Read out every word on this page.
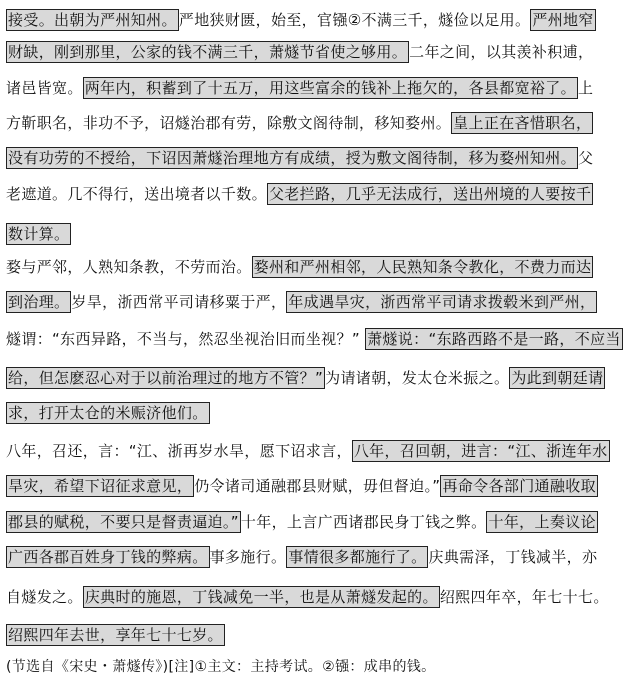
接受。出朝为严州知州。 严地狭财匮，始至，官镪②不满三千，燧俭以足用。 严州地窄
财缺，刚到那里，公家的钱不满三千，萧燧节省使之够用。 二年之间，以其羡补积逋，
诸邑皆宽。 两年内，积蓄到了十五万，用这些富余的钱补上拖欠的，各县都宽裕了。 上
方靳职名，非功不予，诏燧治郡有劳，除敷文阁待制，移知婺州。 皇上正在吝惜职名，
没有功劳的不授给，下诏因萧燧治理地方有成绩，授为敷文阁待制，移为婺州知州。 父
老遮道。几不得行，送出境者以千数。 父老拦路，几乎无法成行，送出州境的人要按千
数计算。
婺与严邻，人熟知条教，不劳而治。 婺州和严州相邻，人民熟知条令教化，不费力而达
到治理。 岁旱，浙西常平司请移粟于严， 年成遇旱灾，浙西常平司请求拨毂米到严州，
燧谓：“东西异路，不当与，然忍坐视治旧而坐视？” 萧燧说：“东路西路不是一路，不应当
给，但怎麽忍心对于以前治理过的地方不管？” 为请诸朝，发太仓米振之。 为此到朝廷请
求，打开太仓的米赈济他们。
八年，召还，言：“江、浙再岁水旱，愿下诏求言， 八年，召回朝，进言：“江、浙连年水
旱灾，希望下诏征求意见， 仍令诸司通融郡县财赋，毋但督迫。” 再命令各部门通融收取
郡县的赋税，不要只是督责逼迫。” 十年，上言广西诸郡民身丁钱之弊。 十年，上奏议论
广西各郡百姓身丁钱的弊病。 事多施行。 事情很多都施行了。 庆典需泽，丁钱减半，亦
自燧发之。 庆典时的施恩，丁钱减免一半，也是从萧燧发起的。 绍熙四年卒，年七十七。
绍熙四年去世，享年七十七岁。
(节选自《宋史・萧燧传》)[注]①主文：主持考试。②镪：成串的钱。
